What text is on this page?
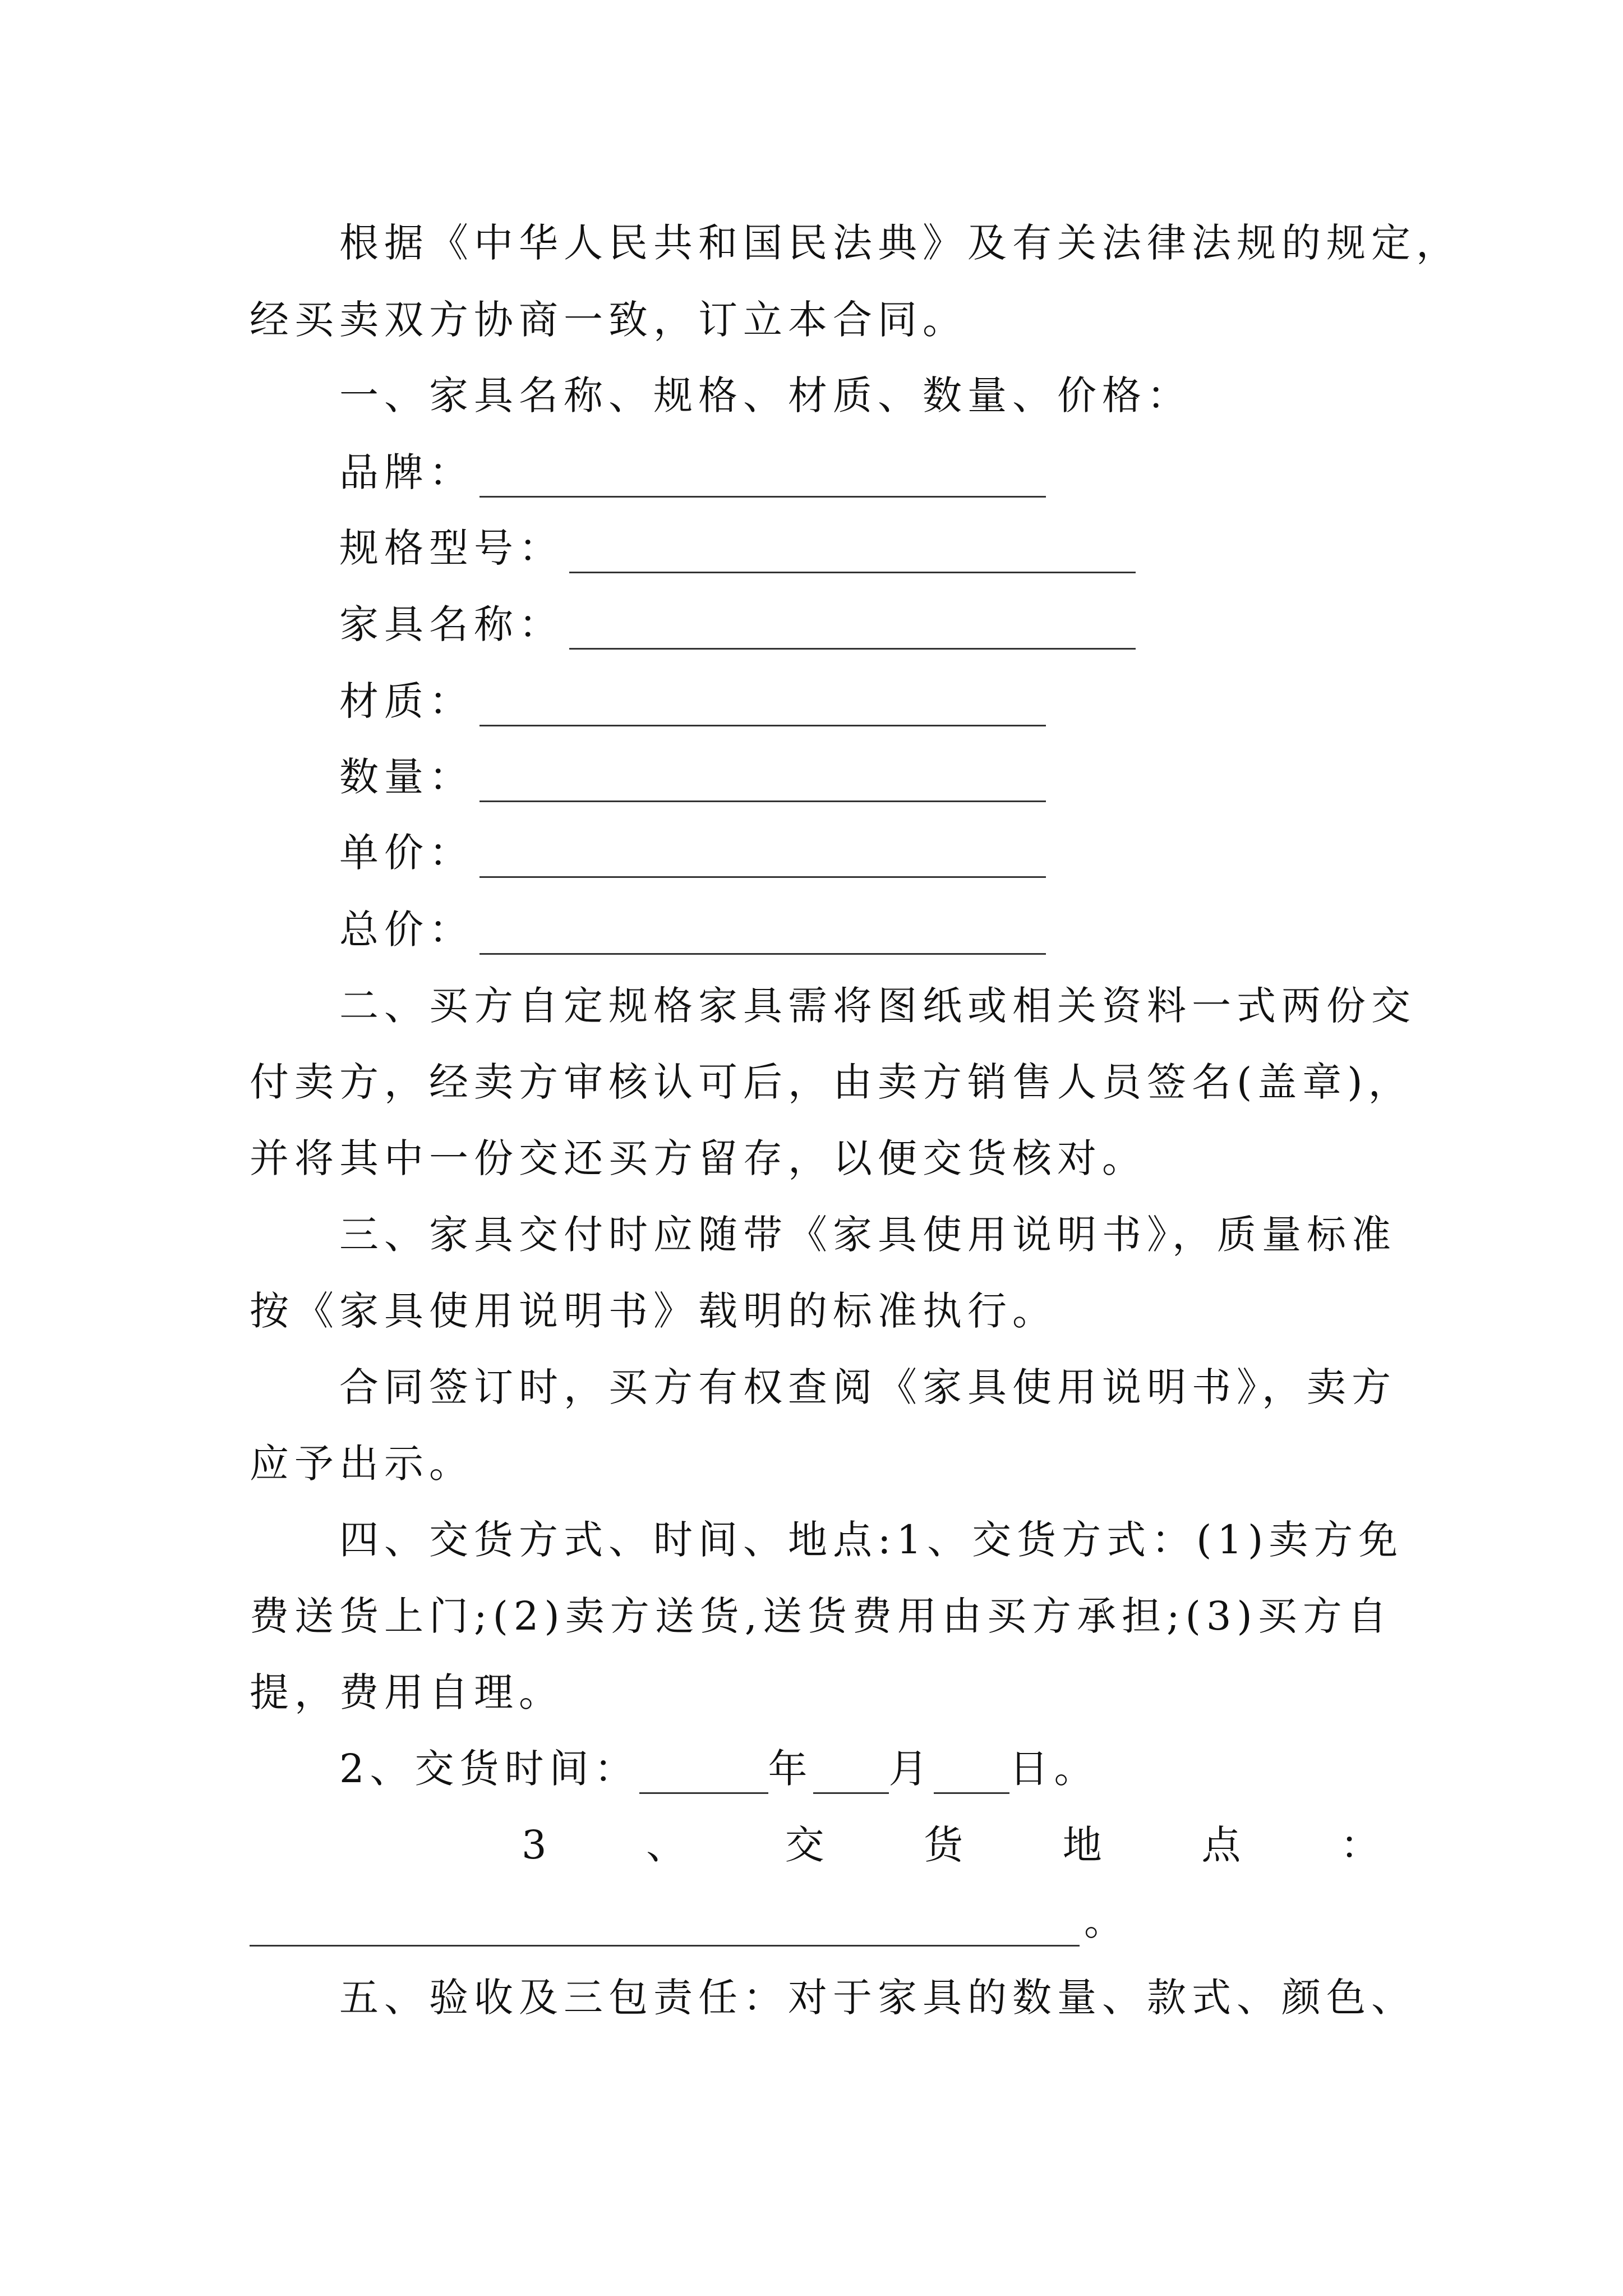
根据《中华人民共和国民法典》及有关法律法规的规定，
经买卖双方协商一致，订立本合同。
一、家具名称、规格、材质、数量、价格：
品牌：
规格型号：
家具名称：
材质：
数量：
单价：
总价：
二、买方自定规格家具需将图纸或相关资料一式两份交
付卖方，经卖方审核认可后，由卖方销售人员签名(盖章)，
并将其中一份交还买方留存，以便交货核对。
三、家具交付时应随带《家具使用说明书》，质量标准
按《家具使用说明书》载明的标准执行。
合同签订时，买方有权查阅《家具使用说明书》，卖方
应予出示。
四、交货方式、时间、地点:1、交货方式：(1)卖方免
费送货上门;(2)卖方送货,送货费用由买方承担;(3)买方自
提，费用自理。
2、交货时间：	年 月 日。
3	、	交	货	地	点	：
。
五、验收及三包责任：对于家具的数量、款式、颜色、
